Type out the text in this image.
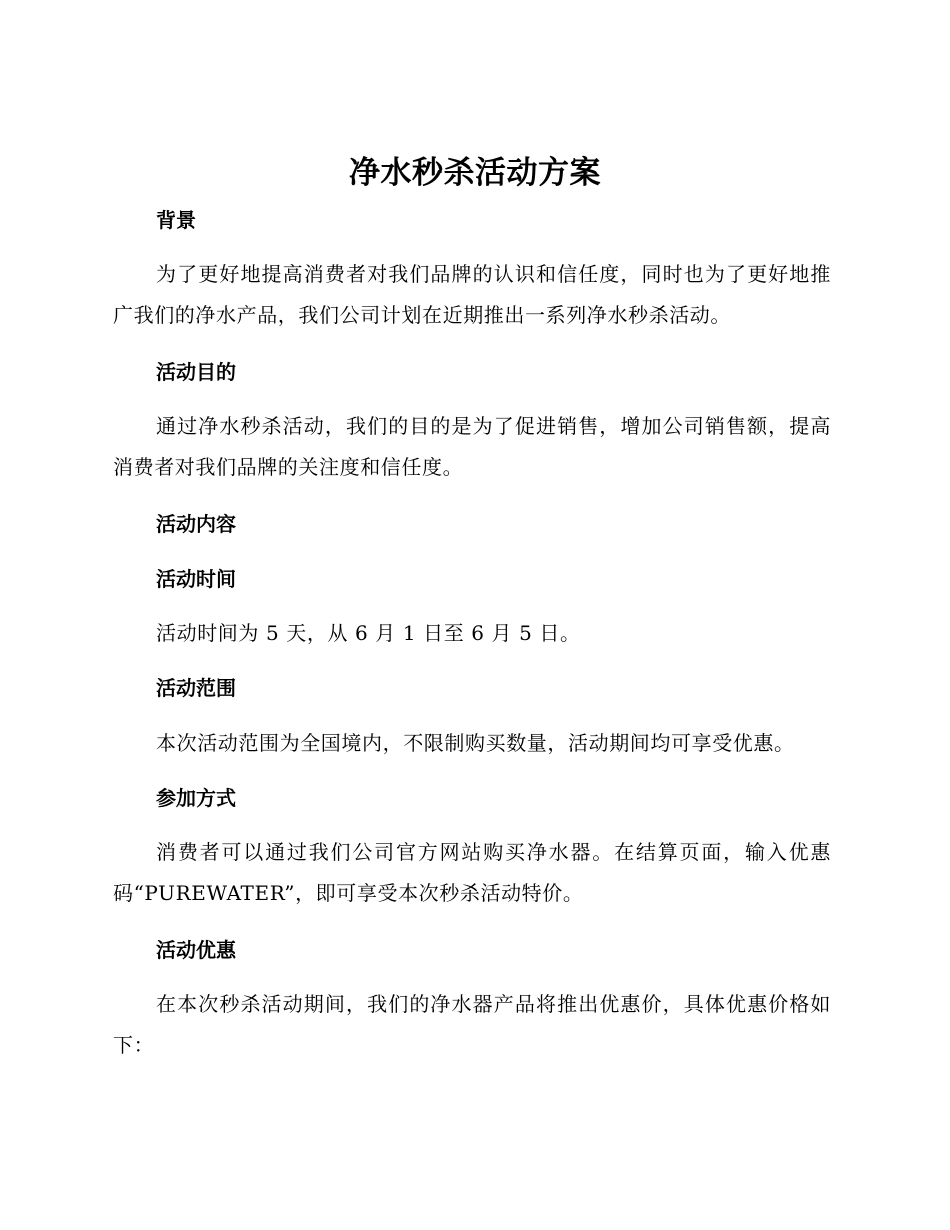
净水秒杀活动方案
背景

为了更好地提高消费者对我们品牌的认识和信任度，同时也为了更好地推广我们的净水产品，我们公司计划在近期推出一系列净水秒杀活动。

活动目的

通过净水秒杀活动，我们的目的是为了促进销售，增加公司销售额，提高消费者对我们品牌的关注度和信任度。

活动内容
活动时间

活动时间为 5 天，从 6 月 1 日至 6 月 5 日。

活动范围

本次活动范围为全国境内，不限制购买数量，活动期间均可享受优惠。

参加方式

消费者可以通过我们公司官方网站购买净水器。在结算页面，输入优惠码“PUREWATER”，即可享受本次秒杀活动特价。

活动优惠

在本次秒杀活动期间，我们的净水器产品将推出优惠价，具体优惠价格如下：
